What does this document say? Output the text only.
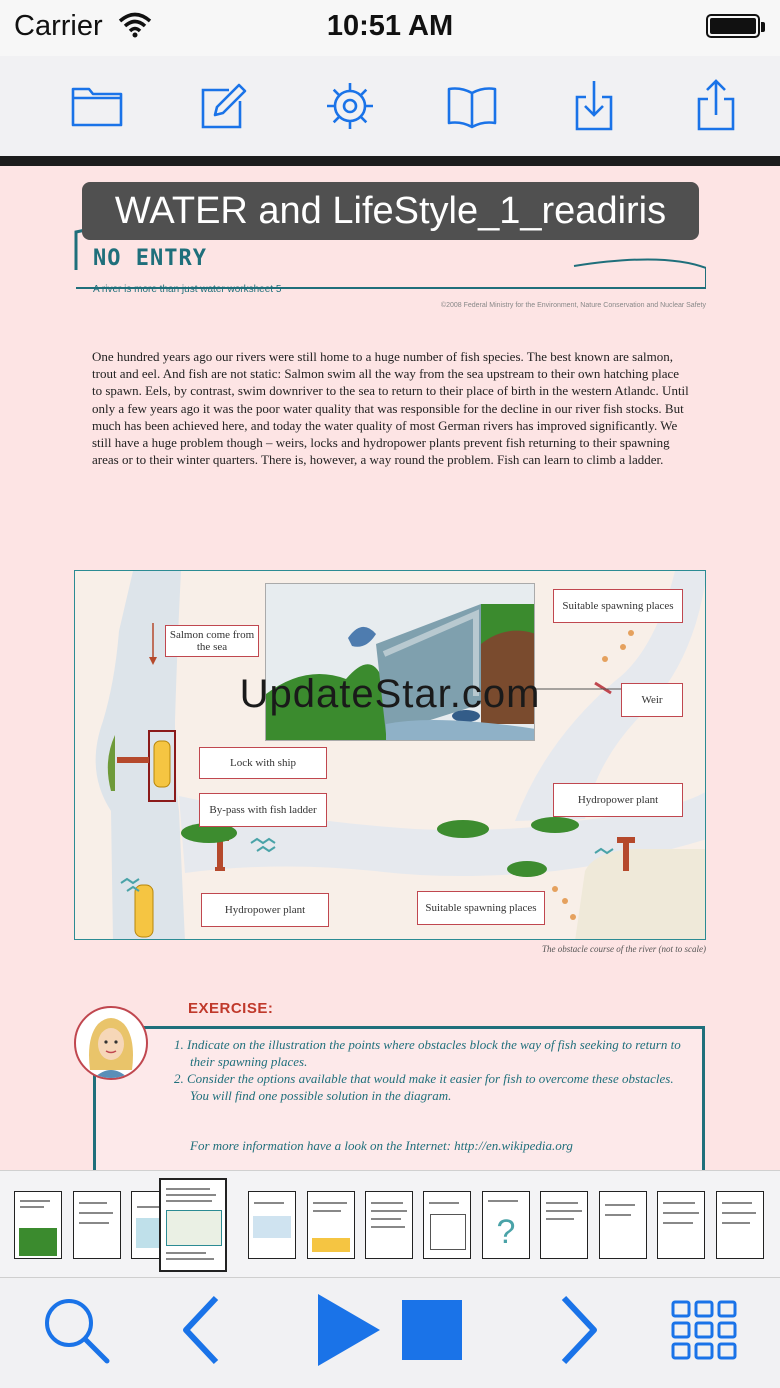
Carrier	10:51 AM
WATER and LifeStyle_1_readiris
NO ENTRY
A river is more than just water worksheet 5
©2008 Federal Ministry for the Environment, Nature Conservation and Nuclear Safety

One hundred years ago our rivers were still home to a huge number of fish species. The best known are salmon, trout and eel. And fish are not static: Salmon swim all the way from the sea upstream to their own hatching place to spawn. Eels, by contrast, swim downriver to the sea to return to their place of birth in the western Atlandc. Until only a few years ago it was the poor water quality that was responsible for the decline in our river fish stocks. But much has been achieved here, and today the water quality of most German rivers has improved significantly. We still have a huge problem though – weirs, locks and hydropower plants prevent fish returning to their spawning areas or to their winter quarters. There is, however, a way round the problem. Fish can learn to climb a ladder.

Salmon come from the sea
Lock with ship
By-pass with fish ladder
Hydropower plant	Suitable spawning places
Suitable spawning places
Weir
Hydropower plant
UpdateStar.com
The obstacle course of the river (not to scale)
EXERCISE:
1. Indicate on the illustration the points where obstacles block the way of fish seeking to return to their spawning places.
2. Consider the options available that would make it easier for fish to overcome these obstacles. You will find one possible solution in the diagram.
For more information have a look on the Internet: http://en.wikipedia.org
?
